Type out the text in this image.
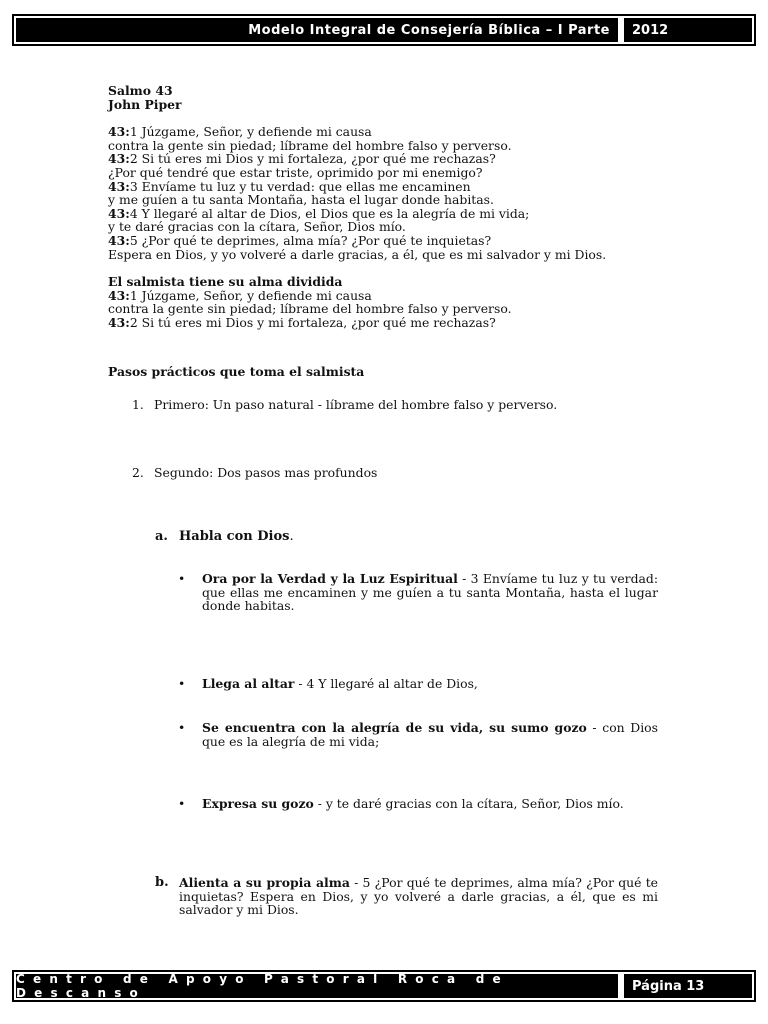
Modelo Integral de Consejería Bíblica – I Parte	2012

Salmo 43

John Piper

43:1 Júzgame, Señor, y defiende mi causa

contra la gente sin piedad; líbrame del hombre falso y perverso.

43:2 Si tú eres mi Dios y mi fortaleza, ¿por qué me rechazas?

¿Por qué tendré que estar triste, oprimido por mi enemigo?

43:3 Envíame tu luz y tu verdad: que ellas me encaminen

y me guíen a tu santa Montaña, hasta el lugar donde habitas.

43:4 Y llegaré al altar de Dios, el Dios que es la alegría de mi vida;

y te daré gracias con la cítara, Señor, Dios mío.

43:5 ¿Por qué te deprimes, alma mía? ¿Por qué te inquietas?

Espera en Dios, y yo volveré a darle gracias, a él, que es mi salvador y mi Dios.

El salmista tiene su alma dividida

43:1 Júzgame, Señor, y defiende mi causa

contra la gente sin piedad; líbrame del hombre falso y perverso.

43:2 Si tú eres mi Dios y mi fortaleza, ¿por qué me rechazas?

Pasos prácticos que toma el salmista

1. Primero: Un paso natural - líbrame del hombre falso y perverso.
2. Segundo: Dos pasos mas profundos
a. Habla con Dios.
• Ora por la Verdad y la Luz Espiritual - 3 Envíame tu luz y tu verdad: que ellas me encaminen y me guíen a tu santa Montaña, hasta el lugar donde habitas.
• Llega al altar - 4 Y llegaré al altar de Dios,
• Se encuentra con la alegría de su vida, su sumo gozo - con Dios que es la alegría de mi vida;
• Expresa su gozo - y te daré gracias con la cítara, Señor, Dios mío.
b. Alienta a su propia alma - 5 ¿Por qué te deprimes, alma mía? ¿Por qué te inquietas? Espera en Dios, y yo volveré a darle gracias, a él, que es mi salvador y mi Dios.
Centro de Apoyo Pastoral Roca de Descanso	Página 13
